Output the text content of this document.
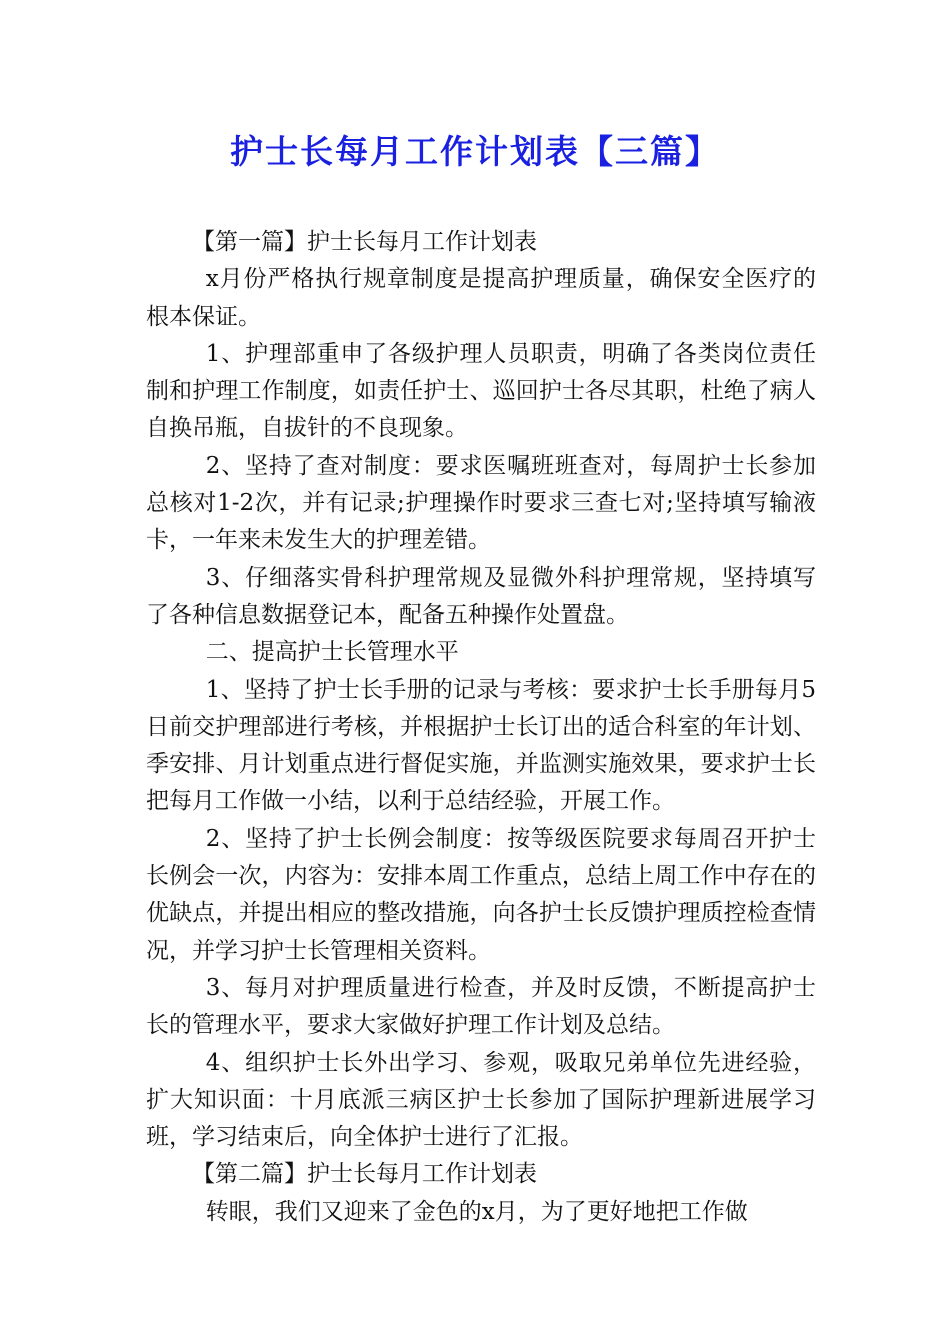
护士长每月工作计划表【三篇】

【第一篇】护士长每月工作计划表

x月份严格执行规章制度是提高护理质量，确保安全医疗的根本保证。

1、护理部重申了各级护理人员职责，明确了各类岗位责任制和护理工作制度，如责任护士、巡回护士各尽其职，杜绝了病人自换吊瓶，自拔针的不良现象。

2、坚持了查对制度：要求医嘱班班查对，每周护士长参加总核对1-2次，并有记录;护理操作时要求三查七对;坚持填写输液卡，一年来未发生大的护理差错。

3、仔细落实骨科护理常规及显微外科护理常规，坚持填写了各种信息数据登记本，配备五种操作处置盘。

二、提高护士长管理水平

1、坚持了护士长手册的记录与考核：要求护士长手册每月5日前交护理部进行考核，并根据护士长订出的适合科室的年计划、季安排、月计划重点进行督促实施，并监测实施效果，要求护士长把每月工作做一小结，以利于总结经验，开展工作。

2、坚持了护士长例会制度：按等级医院要求每周召开护士长例会一次，内容为：安排本周工作重点，总结上周工作中存在的优缺点，并提出相应的整改措施，向各护士长反馈护理质控检查情况，并学习护士长管理相关资料。

3、每月对护理质量进行检查，并及时反馈，不断提高护士长的管理水平，要求大家做好护理工作计划及总结。

4、组织护士长外出学习、参观，吸取兄弟单位先进经验，扩大知识面：十月底派三病区护士长参加了国际护理新进展学习班，学习结束后，向全体护士进行了汇报。

【第二篇】护士长每月工作计划表

转眼，我们又迎来了金色的x月，为了更好地把工作做
